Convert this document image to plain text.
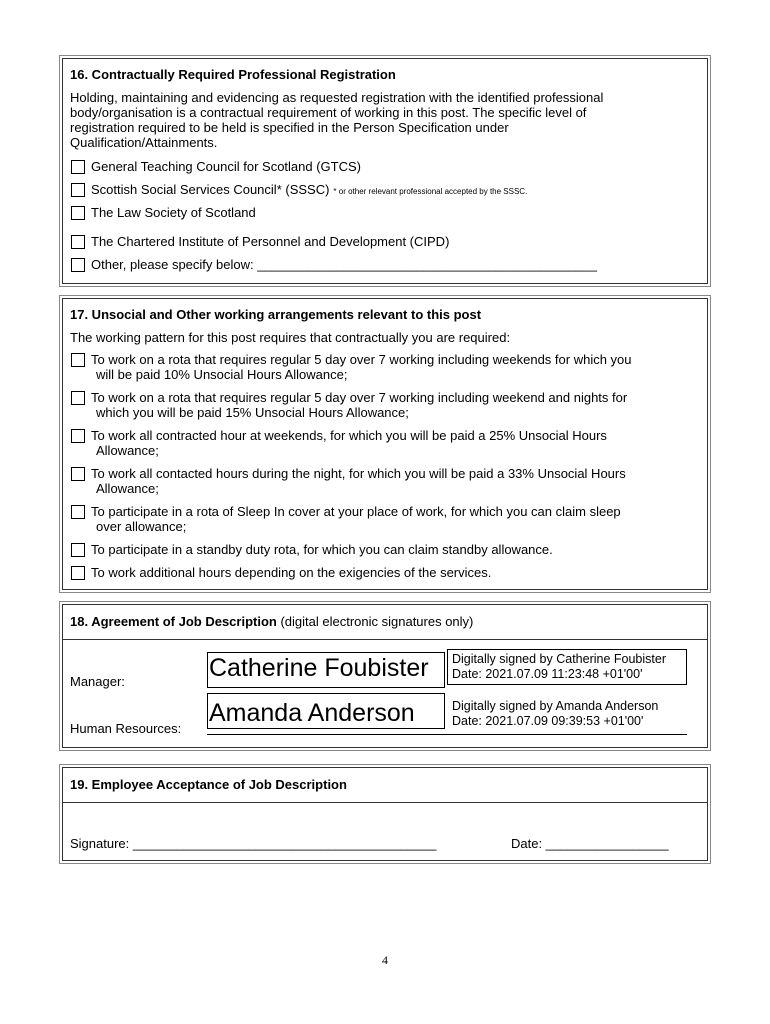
16. Contractually Required Professional Registration
Holding, maintaining and evidencing as requested registration with the identified professional
body/organisation is a contractual requirement of working in this post. The specific level of
registration required to be held is specified in the Person Specification under
Qualification/Attainments.
General Teaching Council for Scotland (GTCS)
Scottish Social Services Council* (SSSC) * or other relevant professional accepted by the SSSC.
The Law Society of Scotland
The Chartered Institute of Personnel and Development (CIPD)
Other, please specify below: _______________________________________________
17. Unsocial and Other working arrangements relevant to this post
The working pattern for this post requires that contractually you are required:
To work on a rota that requires regular 5 day over 7 working including weekends for which you
will be paid 10% Unsocial Hours Allowance;
To work on a rota that requires regular 5 day over 7 working including weekend and nights for
which you will be paid 15% Unsocial Hours Allowance;
To work all contracted hour at weekends, for which you will be paid a 25% Unsocial Hours
Allowance;
To work all contacted hours during the night, for which you will be paid a 33% Unsocial Hours
Allowance;
To participate in a rota of Sleep In cover at your place of work, for which you can claim sleep
over allowance;
To participate in a standby duty rota, for which you can claim standby allowance.
To work additional hours depending on the exigencies of the services.
18. Agreement of Job Description (digital electronic signatures only)
Manager:
Human Resources:
Catherine Foubister Digitally signed by Catherine Foubister
Date: 2021.07.09 11:23:48 +01'00'
Amanda Anderson	Digitally signed by Amanda Anderson
Date: 2021.07.09 09:39:53 +01'00'
19. Employee Acceptance of Job Description
Signature: __________________________________________	Date: _________________
4
